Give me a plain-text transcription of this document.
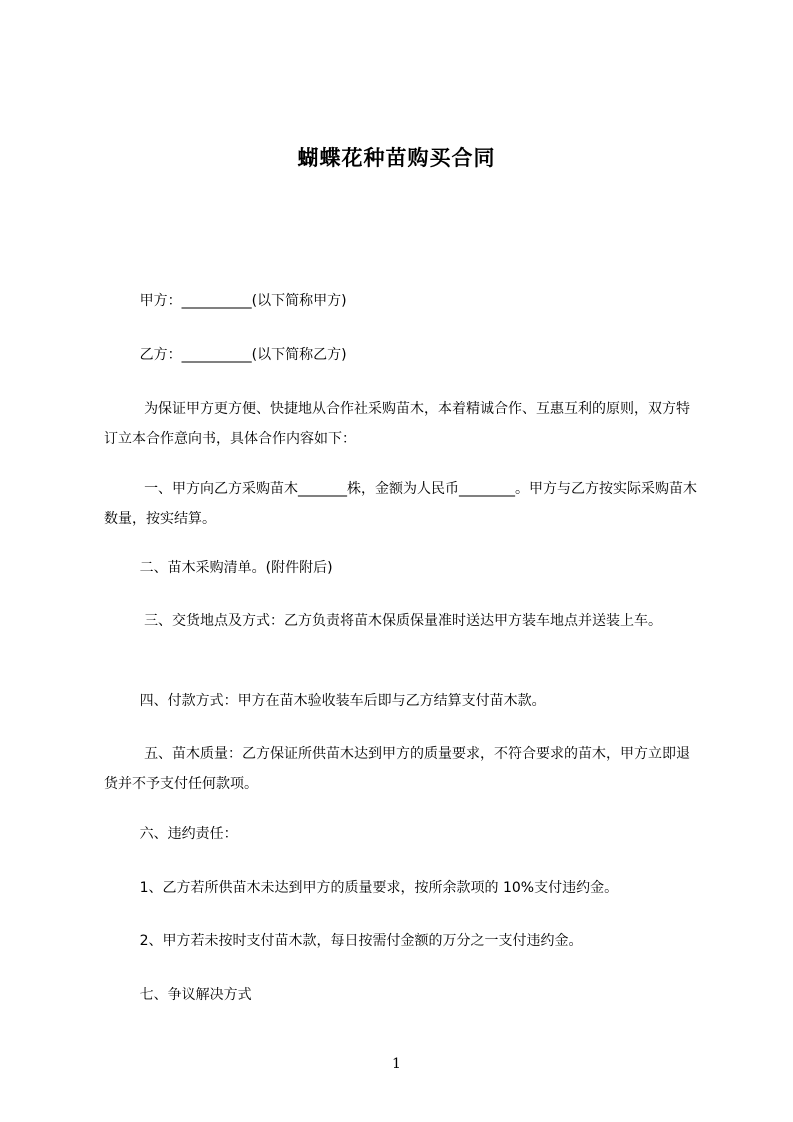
蝴蝶花种苗购买合同
甲方：__________(以下简称甲方)
乙方：__________(以下简称乙方)
为保证甲方更方便、快捷地从合作社采购苗木，本着精诚合作、互惠互利的原则，双方特订立本合作意向书，具体合作内容如下：
一、甲方向乙方采购苗木_______株，金额为人民币________。甲方与乙方按实际采购苗木数量，按实结算。
二、苗木采购清单。(附件附后)
三、交货地点及方式：乙方负责将苗木保质保量准时送达甲方装车地点并送装上车。
四、付款方式：甲方在苗木验收装车后即与乙方结算支付苗木款。
五、苗木质量：乙方保证所供苗木达到甲方的质量要求，不符合要求的苗木，甲方立即退货并不予支付任何款项。
六、违约责任：
1、乙方若所供苗木未达到甲方的质量要求，按所余款项的 10%支付违约金。
2、甲方若未按时支付苗木款，每日按需付金额的万分之一支付违约金。
七、争议解决方式
1
